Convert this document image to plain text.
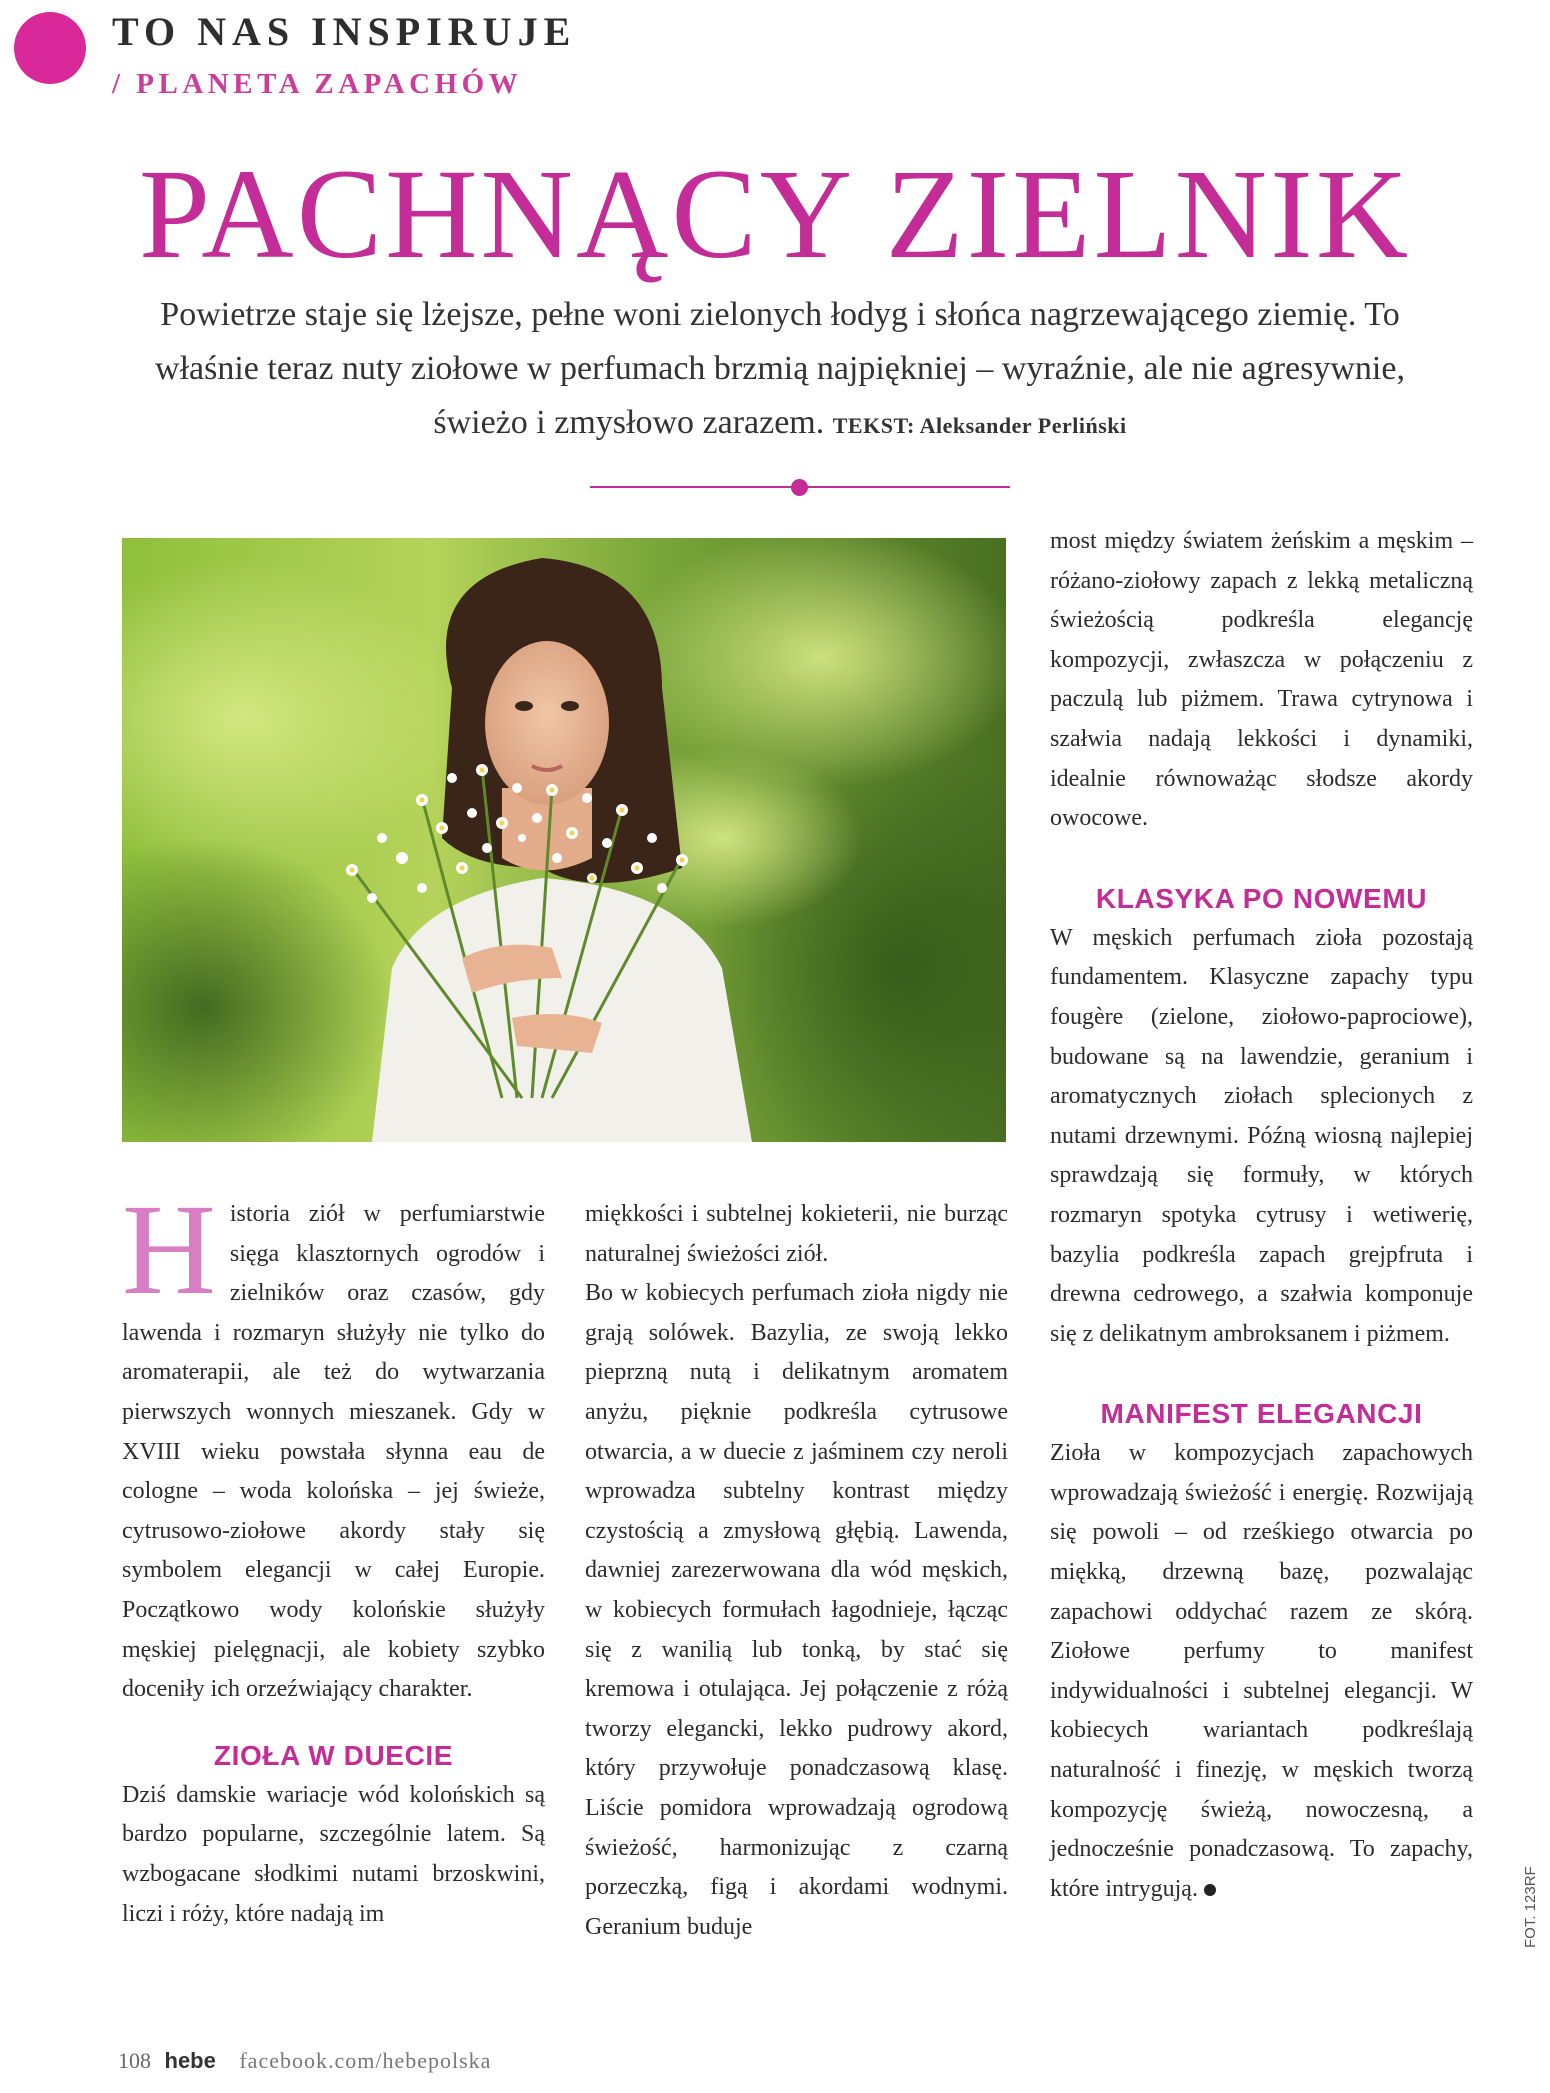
= TO NAS INSPIRUJE
/ PLANETA ZAPACHÓW
PACHNĄCY ZIELNIK
Powietrze staje się lżejsze, pełne woni zielonych łodyg i słońca nagrzewającego ziemię. To właśnie teraz nuty ziołowe w perfumach brzmią najpiękniej – wyraźnie, ale nie agresywnie, świeżo i zmysłowo zarazem. TEKST: Aleksander Perliński

Historia ziół w perfumiarstwie sięga klasztornych ogrodów i zielników oraz czasów, gdy lawenda i rozmaryn służyły nie tylko do aromaterapii, ale też do wytwarzania pierwszych wonnych mieszanek. Gdy w XVIII wieku powstała słynna eau de cologne – woda kolońska – jej świeże, cytrusowo-ziołowe akordy stały się symbolem elegancji w całej Europie. Początkowo wody kolońskie służyły męskiej pielęgnacji, ale kobiety szybko doceniły ich orzeźwiający charakter.

ZIOŁA W DUECIE

Dziś damskie wariacje wód kolońskich są bardzo popularne, szczególnie latem. Są wzbogacane słodkimi nutami brzoskwini, liczi i róży, które nadają im

miękkości i subtelnej kokieterii, nie burząc naturalnej świeżości ziół.

Bo w kobiecych perfumach zioła nigdy nie grają solówek. Bazylia, ze swoją lekko pieprzną nutą i delikatnym aromatem anyżu, pięknie podkreśla cytrusowe otwarcia, a w duecie z jaśminem czy neroli wprowadza subtelny kontrast między czystością a zmysłową głębią. Lawenda, dawniej zarezerwowana dla wód męskich, w kobiecych formułach łagodnieje, łącząc się z wanilią lub tonką, by stać się kremowa i otulająca. Jej połączenie z różą tworzy elegancki, lekko pudrowy akord, który przywołuje ponadczasową klasę. Liście pomidora wprowadzają ogrodową świeżość, harmonizując z czarną porzeczką, figą i akordami wodnymi. Geranium buduje

most między światem żeńskim a męskim – różano-ziołowy zapach z lekką metaliczną świeżością podkreśla elegancję kompozycji, zwłaszcza w połączeniu z paczulą lub piżmem. Trawa cytrynowa i szałwia nadają lekkości i dynamiki, idealnie równoważąc słodsze akordy owocowe.

KLASYKA PO NOWEMU

W męskich perfumach zioła pozostają fundamentem. Klasyczne zapachy typu fougère (zielone, ziołowo-paprociowe), budowane są na lawendzie, geranium i aromatycznych ziołach splecionych z nutami drzewnymi. Późną wiosną najlepiej sprawdzają się formuły, w których rozmaryn spotyka cytrusy i wetiwerię, bazylia podkreśla zapach grejpfruta i drewna cedrowego, a szałwia komponuje się z delikatnym ambroksanem i piżmem.

MANIFEST ELEGANCJI

Zioła w kompozycjach zapachowych wprowadzają świeżość i energię. Rozwijają się powoli – od rześkiego otwarcia po miękką, drzewną bazę, pozwalając zapachowi oddychać razem ze skórą. Ziołowe perfumy to manifest indywidualności i subtelnej elegancji. W kobiecych wariantach podkreślają naturalność i finezję, w męskich tworzą kompozycję świeżą, nowoczesną, a jednocześnie ponadczasową. To zapachy, które intrygują.	FOT. 123RF
108 hebe facebook.com/hebepolska
